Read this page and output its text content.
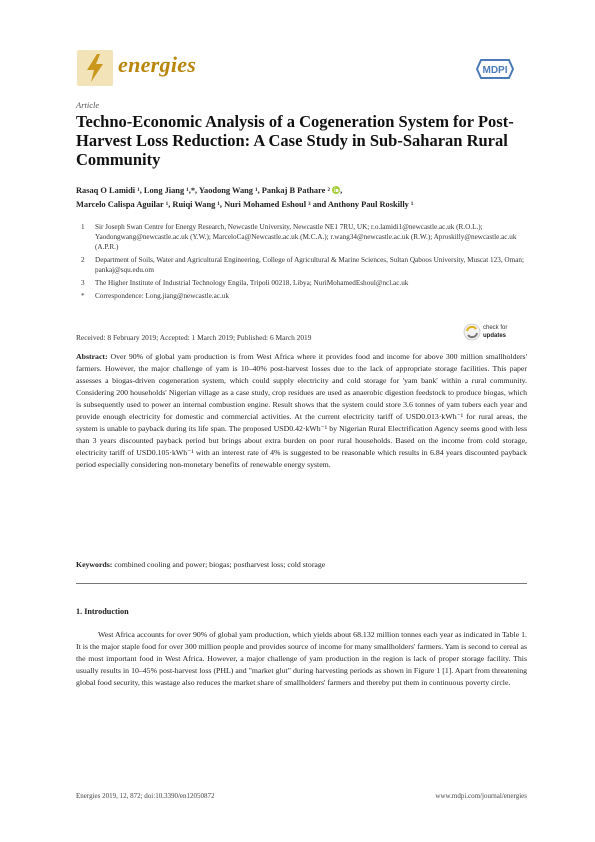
energies	MDPI
Article
Techno-Economic Analysis of a Cogeneration System for Post-Harvest Loss Reduction: A Case Study in Sub-Saharan Rural Community
Rasaq O Lamidi ¹, Long Jiang ¹,*, Yaodong Wang ¹, Pankaj B Pathare ² ,
Marcelo Calispa Aguilar ¹, Ruiqi Wang ¹, Nuri Mohamed Eshoul ³ and Anthony Paul Roskilly ¹
1 Sir Joseph Swan Centre for Energy Research, Newcastle University, Newcastle NE1 7RU, UK; r.o.lamidi1@newcastle.ac.uk (R.O.L.); Yaodongwang@newcastle.ac.uk (Y.W.); MarceloCa@Newcastle.ac.uk (M.C.A.); r.wang34@newcastle.ac.uk (R.W.); Aproskilly@newcastle.ac.uk (A.P.R.)
2 Department of Soils, Water and Agricultural Engineering, College of Agricultural & Marine Sciences, Sultan Qaboos University, Muscat 123, Oman; pankaj@squ.edu.om
3 The Higher Institute of Industrial Technology Engila, Tripoli 00218, Libya; NuriMohamedEshoul@ncl.ac.uk
* Correspondence: Long.jiang@newcastle.ac.uk
Received: 8 February 2019; Accepted: 1 March 2019; Published: 6 March 2019
check for
updates
Abstract: Over 90% of global yam production is from West Africa where it provides food and income for above 300 million smallholders' farmers. However, the major challenge of yam is 10–40% post-harvest losses due to the lack of appropriate storage facilities. This paper assesses a biogas-driven cogeneration system, which could supply electricity and cold storage for 'yam bank' within a rural community. Considering 200 households' Nigerian village as a case study, crop residues are used as anaerobic digestion feedstock to produce biogas, which is subsequently used to power an internal combustion engine. Result shows that the system could store 3.6 tonnes of yam tubers each year and provide enough electricity for domestic and commercial activities. At the current electricity tariff of USD0.013·kWh⁻¹ for rural areas, the system is unable to payback during its life span. The proposed USD0.42·kWh⁻¹ by Nigerian Rural Electrification Agency seems good with less than 3 years discounted payback period but brings about extra burden on poor rural households. Based on the income from cold storage, electricity tariff of USD0.105·kWh⁻¹ with an interest rate of 4% is suggested to be reasonable which results in 6.84 years discounted payback period especially considering non-monetary benefits of renewable energy system.
Keywords: combined cooling and power; biogas; postharvest loss; cold storage
1. Introduction
West Africa accounts for over 90% of global yam production, which yields about 68.132 million tonnes each year as indicated in Table 1. It is the major staple food for over 300 million people and provides source of income for many smallholders' farmers. Yam is second to cereal as the most important food in West Africa. However, a major challenge of yam production in the region is lack of proper storage facility. This usually results in 10–45% post-harvest loss (PHL) and "market glut" during harvesting periods as shown in Figure 1 [1]. Apart from threatening global food security, this wastage also reduces the market share of smallholders' farmers and thereby put them in continuous poverty circle.
Energies 2019, 12, 872; doi:10.3390/en12050872	www.mdpi.com/journal/energies
